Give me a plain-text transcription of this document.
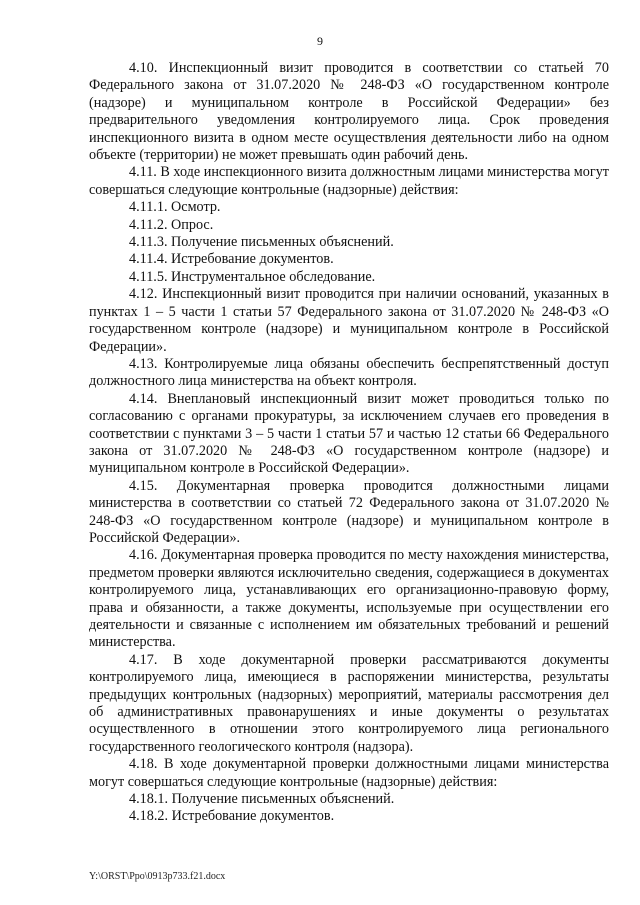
9

4.10. Инспекционный визит проводится в соответствии со статьей 70 Федерального закона от 31.07.2020 № 248-ФЗ «О государственном контроле (надзоре) и муниципальном контроле в Российской Федерации» без предварительного уведомления контролируемого лица. Срок проведения инспекционного визита в одном месте осуществления деятельности либо на одном объекте (территории) не может превышать один рабочий день.

4.11. В ходе инспекционного визита должностным лицами министерства могут совершаться следующие контрольные (надзорные) действия:

4.11.1. Осмотр.

4.11.2. Опрос.

4.11.3. Получение письменных объяснений.

4.11.4. Истребование документов.

4.11.5. Инструментальное обследование.

4.12. Инспекционный визит проводится при наличии оснований, указанных в пунктах 1 – 5 части 1 статьи 57 Федерального закона от 31.07.2020 № 248-ФЗ «О государственном контроле (надзоре) и муниципальном контроле в Российской Федерации».

4.13. Контролируемые лица обязаны обеспечить беспрепятственный доступ должностного лица министерства на объект контроля.

4.14. Внеплановый инспекционный визит может проводиться только по согласованию с органами прокуратуры, за исключением случаев его проведения в соответствии с пунктами 3 – 5 части 1 статьи 57 и частью 12 статьи 66 Федерального закона от 31.07.2020 № 248-ФЗ «О государственном контроле (надзоре) и муниципальном контроле в Российской Федерации».

4.15. Документарная проверка проводится должностными лицами министерства в соответствии со статьей 72 Федерального закона от 31.07.2020 № 248-ФЗ «О государственном контроле (надзоре) и муниципальном контроле в Российской Федерации».

4.16. Документарная проверка проводится по месту нахождения министерства, предметом проверки являются исключительно сведения, содержащиеся в документах контролируемого лица, устанавливающих его организационно-правовую форму, права и обязанности, а также документы, используемые при осуществлении его деятельности и связанные с исполнением им обязательных требований и решений министерства.

4.17. В ходе документарной проверки рассматриваются документы контролируемого лица, имеющиеся в распоряжении министерства, результаты предыдущих контрольных (надзорных) мероприятий, материалы рассмотрения дел об административных правонарушениях и иные документы о результатах осуществленного в отношении этого контролируемого лица регионального государственного геологического контроля (надзора).

4.18. В ходе документарной проверки должностными лицами министерства могут совершаться следующие контрольные (надзорные) действия:

4.18.1. Получение письменных объяснений.

4.18.2. Истребование документов.

Y:\ORST\Ppo\0913p733.f21.docx
